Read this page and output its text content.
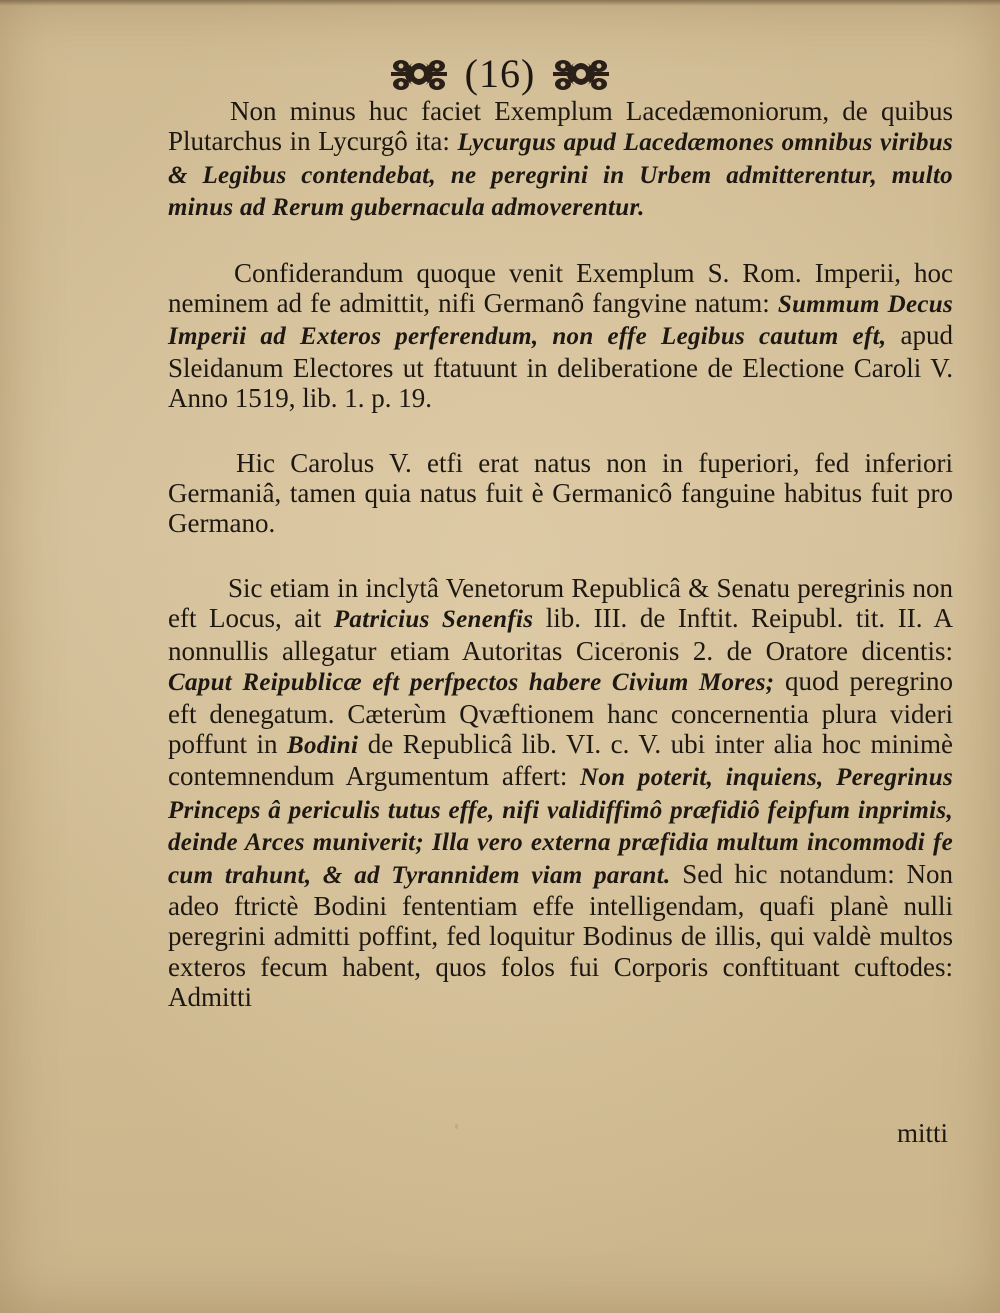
(16)

Non minus huc faciet Exemplum Lacedæmoniorum, de quibus Plutarchus in Lycurgô ita: Lycurgus apud Lacedæmones omnibus viribus & Legibus contendebat, ne peregrini in Urbem admitterentur, multo minus ad Rerum gubernacula admoverentur.

Confiderandum quoque venit Exemplum S. Rom. Imperii, hoc neminem ad fe admittit, nifi Germanô fangvine natum: Summum Decus Imperii ad Exteros perferendum, non effe Legibus cautum eft, apud Sleidanum Electores ut ftatuunt in deliberatione de Electione Caroli V. Anno 1519, lib. 1. p. 19.

Hic Carolus V. etfi erat natus non in fuperiori, fed inferiori Germaniâ, tamen quia natus fuit è Germanicô fanguine habitus fuit pro Germano.

Sic etiam in inclytâ Venetorum Republicâ & Senatu peregrinis non eft Locus, ait Patricius Senenfis lib. III. de Inftit. Reipubl. tit. II. A nonnullis allegatur etiam Autoritas Ciceronis 2. de Oratore dicentis: Caput Reipublicæ eft perfpectos habere Civium Mores; quod peregrino eft denegatum. Cæterùm Qvæftionem hanc concernentia plura videri poffunt in Bodini de Republicâ lib. VI. c. V. ubi inter alia hoc minimè contemnendum Argumentum affert: Non poterit, inquiens, Peregrinus Princeps â periculis tutus effe, nifi validiffimô præfidiô feipfum inprimis, deinde Arces muniverit; Illa vero externa præfidia multum incommodi fe cum trahunt, & ad Tyrannidem viam parant. Sed hic notandum: Non adeo ftrictè Bodini fententiam effe intelligendam, quafi planè nulli peregrini admitti poffint, fed loquitur Bodinus de illis, qui valdè multos exteros fecum habent, quos folos fui Corporis conftituant cuftodes: Admitti

mitti
